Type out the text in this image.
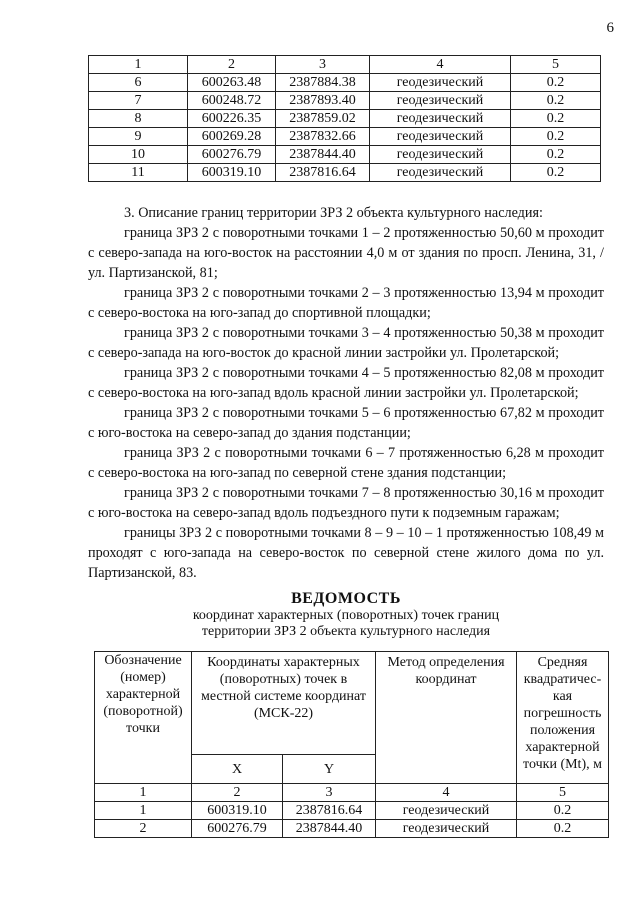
6
1	2	3	4	5
6	600263.48	2387884.38	геодезический	0.2
7	600248.72	2387893.40	геодезический	0.2
8	600226.35	2387859.02	геодезический	0.2
9	600269.28	2387832.66	геодезический	0.2
10	600276.79	2387844.40	геодезический	0.2
11	600319.10	2387816.64	геодезический	0.2

3. Описание границ территории ЗРЗ 2 объекта культурного наследия:

граница ЗРЗ 2 с поворотными точками 1 – 2 протяженностью 50,60 м проходит с северо-запада на юго-восток на расстоянии 4,0 м от здания по просп. Ленина, 31, / ул. Партизанской, 81;

граница ЗРЗ 2 с поворотными точками 2 – 3 протяженностью 13,94 м проходит с северо-востока на юго-запад до спортивной площадки;

граница ЗРЗ 2 с поворотными точками 3 – 4 протяженностью 50,38 м проходит с северо-запада на юго-восток до красной линии застройки ул. Пролетарской;

граница ЗРЗ 2 с поворотными точками 4 – 5 протяженностью 82,08 м проходит с северо-востока на юго-запад вдоль красной линии застройки ул. Пролетарской;

граница ЗРЗ 2 с поворотными точками 5 – 6 протяженностью 67,82 м проходит с юго-востока на северо-запад до здания подстанции;

граница ЗРЗ 2 с поворотными точками 6 – 7 протяженностью 6,28 м проходит с северо-востока на юго-запад по северной стене здания подстанции;

граница ЗРЗ 2 с поворотными точками 7 – 8 протяженностью 30,16 м проходит с юго-востока на северо-запад вдоль подъездного пути к подземным гаражам;

границы ЗРЗ 2 с поворотными точками 8 – 9 – 10 – 1 протяженностью 108,49 м проходят с юго-запада на северо-восток по северной стене жилого дома по ул. Партизанской, 83.

ВЕДОМОСТЬ
координат характерных (поворотных) точек границ
территории ЗРЗ 2 объекта культурного наследия
Обозначение (номер) характерной (поворотной) точки	Координаты характерных (поворотных) точек в местной системе координат (МСК-22)		Метод определения координат	Средняя квадратичес-кая погрешность положения характерной точки (Mt), м
	X	Y		
1	2	3	4	5
1	600319.10	2387816.64	геодезический	0.2
2	600276.79	2387844.40	геодезический	0.2
